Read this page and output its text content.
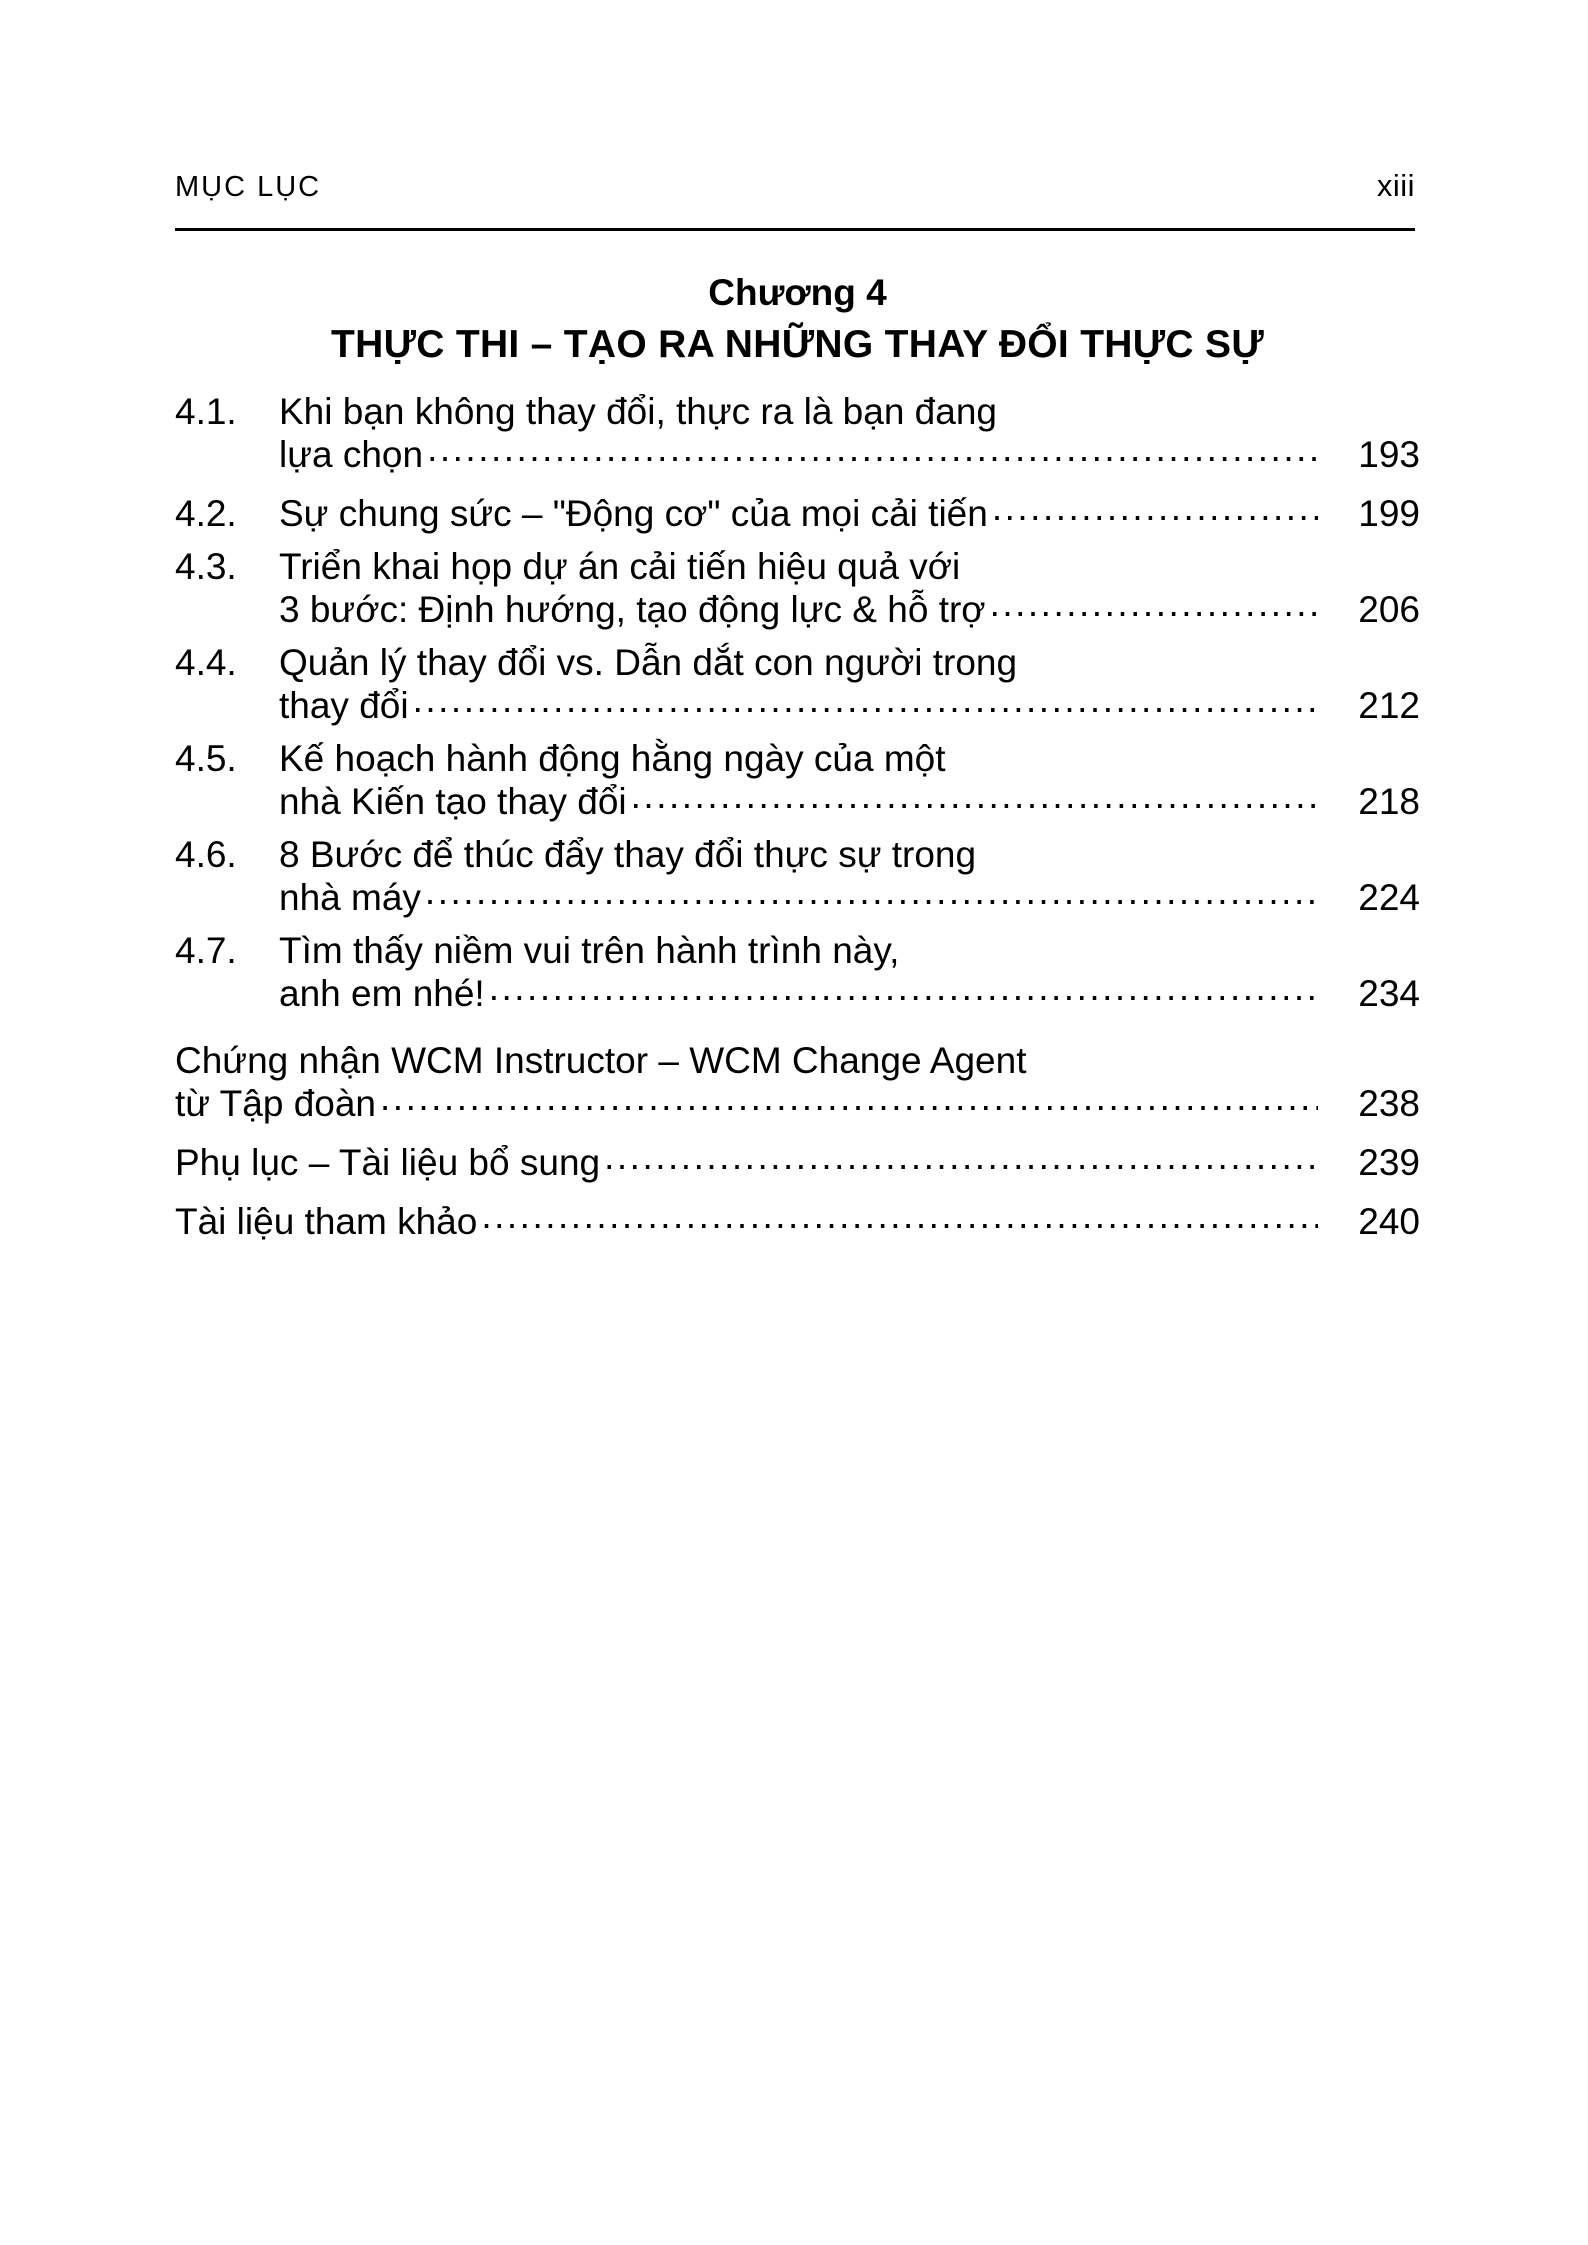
MỤC LỤC	xiii
Chương 4
THỰC THI – TẠO RA NHỮNG THAY ĐỔI THỰC SỰ
4.1.	Khi bạn không thay đổi, thực ra là bạn đang
lựa chọn .....	193
4.2.	Sự chung sức – "Động cơ" của mọi cải tiến .....	199
4.3.	Triển khai họp dự án cải tiến hiệu quả với
3 bước: Định hướng, tạo động lực & hỗ trợ .....	206
4.4.	Quản lý thay đổi vs. Dẫn dắt con người trong
thay đổi .....	212
4.5.	Kế hoạch hành động hằng ngày của một
nhà Kiến tạo thay đổi .....	218
4.6.	8 Bước để thúc đẩy thay đổi thực sự trong
nhà máy .....	224
4.7.	Tìm thấy niềm vui trên hành trình này,
anh em nhé! .....	234
Chứng nhận WCM Instructor – WCM Change Agent
từ Tập đoàn .....	238
Phụ lục – Tài liệu bổ sung .....	239
Tài liệu tham khảo .....	240
